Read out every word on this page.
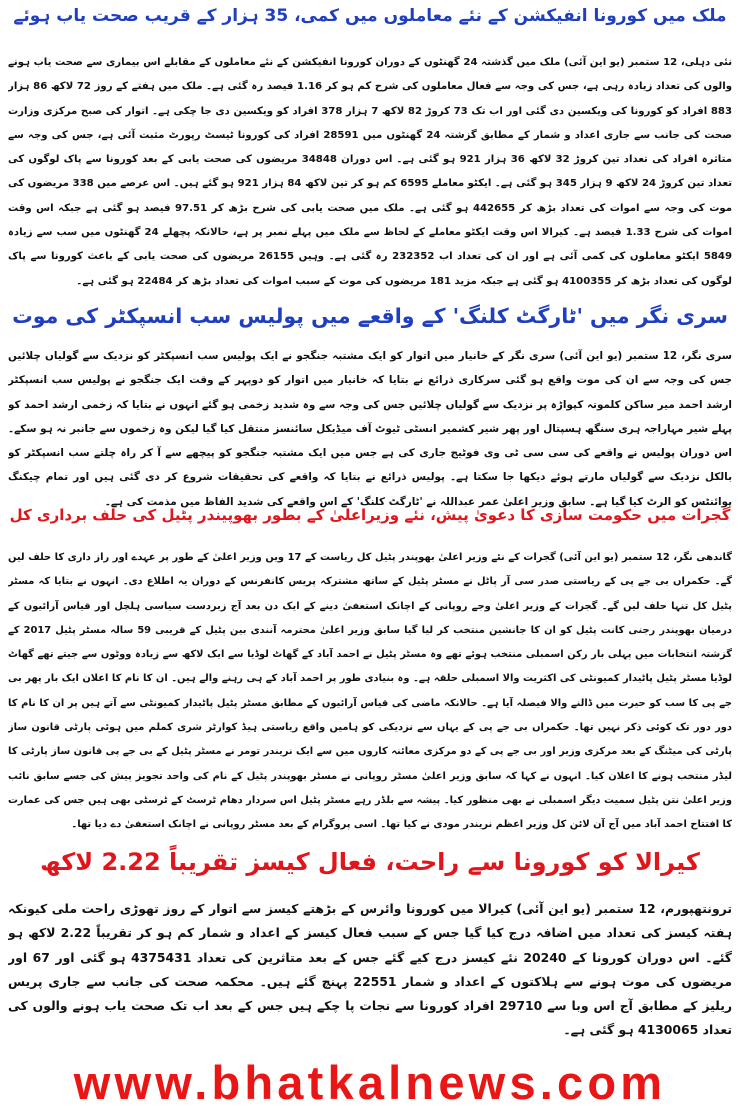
ملک میں کورونا انفیکشن کے نئے معاملوں میں کمی، 35 ہزار کے قریب صحت یاب ہوئے
نئی دہلی، 12 ستمبر (یو این آئی) ملک میں گذشتہ 24 گھنٹوں کے دوران کورونا انفیکشن کے نئے معاملوں کے مقابلے اس بیماری سے صحت یاب ہونے والوں کی تعداد زیادہ رہی ہے، جس کی وجہ سے فعال معاملوں کی شرح کم ہو کر 1.16 فیصد رہ گئی ہے۔ ملک میں ہفتے کے روز 72 لاکھ 86 ہزار 883 افراد کو کورونا کی ویکسین دی گئی اور اب تک 73 کروڑ 82 لاکھ 7 ہزار 378 افراد کو ویکسین دی جا چکی ہے۔ اتوار کی صبح مرکزی وزارت صحت کی جانب سے جاری اعداد و شمار کے مطابق گزشتہ 24 گھنٹوں میں 28591 افراد کی کورونا ٹیسٹ رپورٹ مثبت آئی ہے، جس کی وجہ سے متاثرہ افراد کی تعداد تین کروڑ 32 لاکھ 36 ہزار 921 ہو گئی ہے۔ اس دوران 34848 مریضوں کی صحت یابی کے بعد کورونا سے پاک لوگوں کی تعداد تین کروڑ 24 لاکھ 9 ہزار 345 ہو گئی ہے۔ ایکٹو معاملے 6595 کم ہو کر تین لاکھ 84 ہزار 921 ہو گئے ہیں۔ اس عرصے میں 338 مریضوں کی موت کی وجہ سے اموات کی تعداد بڑھ کر 442655 ہو گئی ہے۔ ملک میں صحت یابی کی شرح بڑھ کر 97.51 فیصد ہو گئی ہے جبکہ اس وقت اموات کی شرح 1.33 فیصد ہے۔ کیرالا اس وقت ایکٹو معاملے کے لحاظ سے ملک میں پہلے نمبر پر ہے، حالانکہ پچھلے 24 گھنٹوں میں سب سے زیادہ 5849 ایکٹو معاملوں کی کمی آئی ہے اور ان کی تعداد اب 232352 رہ گئی ہے۔ وہیں 26155 مریضوں کی صحت یابی کے باعث کورونا سے پاک لوگوں کی تعداد بڑھ کر 4100355 ہو گئی ہے جبکہ مزید 181 مریضوں کی موت کے سبب اموات کی تعداد بڑھ کر 22484 ہو گئی ہے۔
سری نگر میں 'ٹارگٹ کلنگ' کے واقعے میں پولیس سب انسپکٹر کی موت
سری نگر، 12 ستمبر (یو این آئی) سری نگر کے خانیار میں اتوار کو ایک مشتبہ جنگجو نے ایک پولیس سب انسپکٹر کو نزدیک سے گولیاں چلائیں جس کی وجہ سے ان کی موت واقع ہو گئی سرکاری ذرائع نے بتایا کہ خانیار میں اتوار کو دوپہر کے وقت ایک جنگجو نے پولیس سب انسپکٹر ارشد احمد میر ساکن کلموتہ کپواڑہ پر نزدیک سے گولیاں چلائیں جس کی وجہ سے وہ شدید زخمی ہو گئے انہوں نے بتایا کہ زخمی ارشد احمد کو پہلے شیر مہاراجہ ہری سنگھ ہسپتال اور پھر شیر کشمیر انسٹی ٹیوٹ آف میڈیکل سائنسز منتقل کیا گیا لیکن وہ زخموں سے جانبر نہ ہو سکے۔ اس دوران پولیس نے واقعے کی سی سی ٹی وی فوٹیج جاری کی ہے جس میں ایک مشتبہ جنگجو کو پیچھے سے آ کر راہ چلتے سب انسپکٹر کو بالکل نزدیک سے گولیاں مارتے ہوئے دیکھا جا سکتا ہے۔ پولیس ذرائع نے بتایا کہ واقعے کی تحقیقات شروع کر دی گئی ہیں اور تمام چیکنگ پوائنٹس کو الرٹ کیا گیا ہے۔ سابق وزیر اعلیٰ عمر عبداللہ نے 'ٹارگٹ کلنگ' کے اس واقعے کی شدید الفاظ میں مذمت کی ہے۔
گجرات میں حکومت سازی کا دعویٰ پیش، نئے وزیراعلیٰ کے بطور بھوپیندر پٹیل کی حلف برداری کل
گاندھی نگر، 12 ستمبر (یو این آئی) گجرات کے نئے وزیر اعلیٰ بھوپندر پٹیل کل ریاست کے 17 ویں وزیر اعلیٰ کے طور پر عہدے اور راز داری کا حلف لیں گے۔ حکمراں بی جے پی کے ریاستی صدر سی آر پاٹل نے مسٹر پٹیل کے ساتھ مشترکہ پریس کانفرنس کے دوران یہ اطلاع دی۔ انہوں نے بتایا کہ مسٹر پٹیل کل تنہا حلف لیں گے۔ گجرات کے وزیر اعلیٰ وجے روپانی کے اچانک استعفیٰ دینے کے ایک دن بعد آج زبردست سیاسی ہلچل اور قیاس آرائیوں کے درمیان بھوپندر رجنی کانت پٹیل کو ان کا جانشین منتخب کر لیا گیا سابق وزیر اعلیٰ محترمہ آنندی بین پٹیل کے قریبی 59 سالہ مسٹر پٹیل 2017 کے گزشتہ انتخابات میں پہلی بار رکن اسمبلی منتخب ہوئے تھے وہ مسٹر پٹیل نے احمد آباد کے گھاٹ لوڈیا سے ایک لاکھ سے زیادہ ووٹوں سے جیتے تھے گھاٹ لوڈیا مسٹر پٹیل پاٹیدار کمیونٹی کی اکثریت والا اسمبلی حلقہ ہے۔ وہ بنیادی طور پر احمد آباد کے ہی رہنے والے ہیں۔ ان کا نام کا اعلان ایک بار پھر بی جے پی کا سب کو حیرت میں ڈالنے والا فیصلہ آیا ہے۔ حالانکہ ماضی کی قیاس آرائیوں کے مطابق مسٹر پٹیل پاٹیدار کمیونٹی سے آتے ہیں پر ان کا نام کا دور دور تک کوئی ذکر نہیں تھا۔ حکمراں بی جے پی کے یہاں سے نزدیکی کو ہامیں واقع ریاستی ہیڈ کوارٹر شری کملم میں ہوئی پارٹی قانون ساز پارٹی کی میٹنگ کے بعد مرکزی وزیر اور بی جے پی کے دو مرکزی معائنہ کاروں میں سے ایک نریندر تومر نے مسٹر پٹیل کے بی جے پی قانون ساز پارٹی کا لیڈر منتخب ہونے کا اعلان کیا۔ انہوں نے کہا کہ سابق وزیر اعلیٰ مسٹر روپانی نے مسٹر بھوپندر پٹیل کے نام کی واحد تجویز پیش کی جسے سابق نائب وزیر اعلیٰ نتن پٹیل سمیت دیگر اسمبلی نے بھی منظور کیا۔ پیشہ سے بلڈر رہے مسٹر پٹیل اس سردار دھام ٹرسٹ کے ٹرسٹی بھی ہیں جس کی عمارت کا افتتاح احمد آباد میں آج آن لائن کل وزیر اعظم نریندر مودی نے کیا تھا۔ اسی پروگرام کے بعد مسٹر روپانی نے اچانک استعفیٰ دے دیا تھا۔
کیرالا کو کورونا سے راحت، فعال کیسز تقریباً 2.22 لاکھ
ترونتھپورم، 12 ستمبر (یو این آئی) کیرالا میں کورونا وائرس کے بڑھتے کیسز سے اتوار کے روز تھوڑی راحت ملی کیونکہ ہفتہ کیسز کی تعداد میں اضافہ درج کیا گیا جس کے سبب فعال کیسز کے اعداد و شمار کم ہو کر تقریباً 2.22 لاکھ ہو گئے۔ اس دوران کورونا کے 20240 نئے کیسز درج کیے گئے جس کے بعد متاثرین کی تعداد 4375431 ہو گئی اور 67 اور مریضوں کی موت ہونے سے ہلاکتوں کے اعداد و شمار 22551 پہنچ گئے ہیں۔ محکمہ صحت کی جانب سے جاری پریس ریلیز کے مطابق آج اس وبا سے 29710 افراد کورونا سے نجات پا چکے ہیں جس کے بعد اب تک صحت یاب ہونے والوں کی تعداد 4130065 ہو گئی ہے۔
www.bhatkalnews.com
